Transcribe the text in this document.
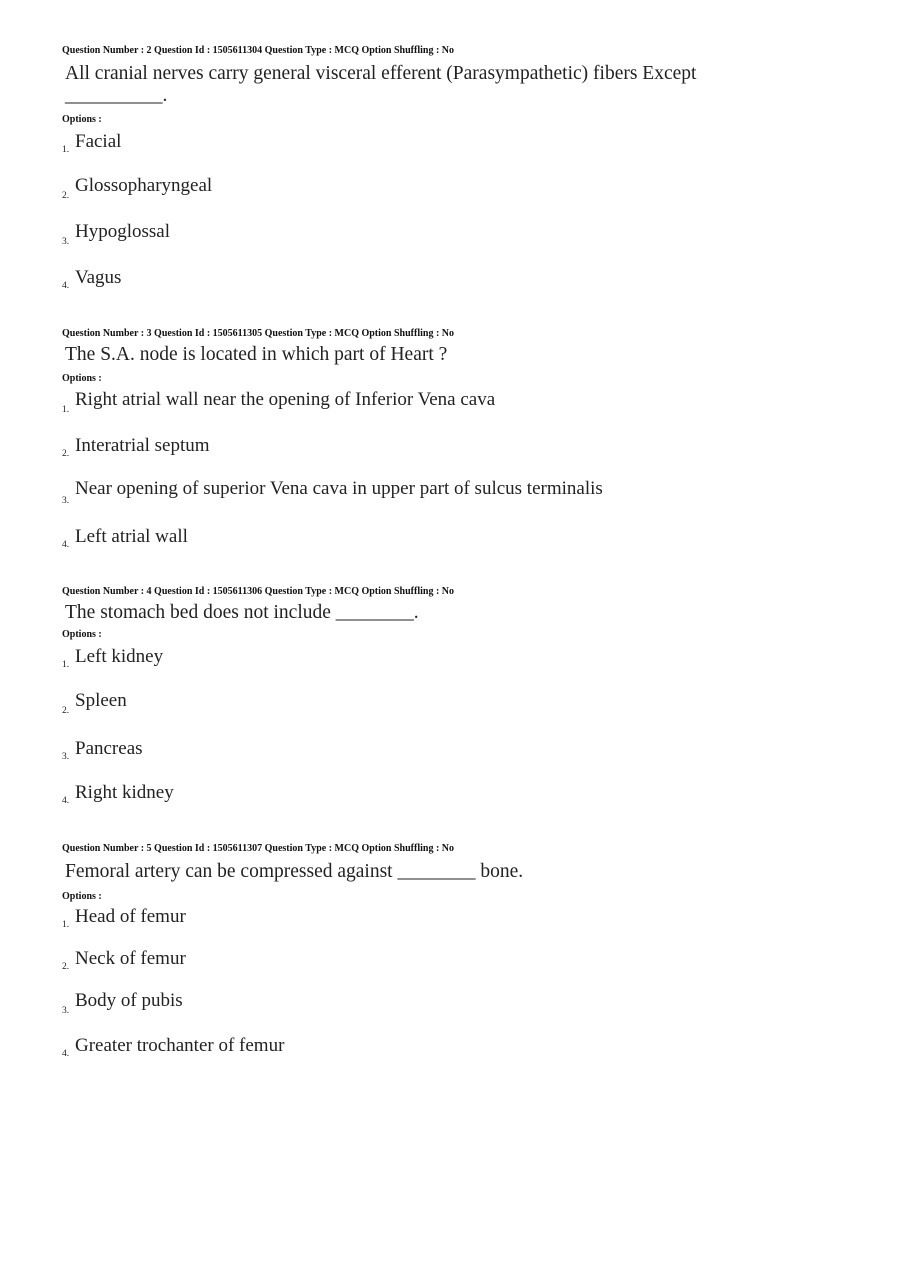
Question Number : 2 Question Id : 1505611304 Question Type : MCQ Option Shuffling : No
All cranial nerves carry general visceral efferent (Parasympathetic) fibers Except __________.
Options :
1. Facial
2. Glossopharyngeal
3. Hypoglossal
4. Vagus
Question Number : 3 Question Id : 1505611305 Question Type : MCQ Option Shuffling : No
The S.A. node is located in which part of Heart ?
Options :
1. Right atrial wall near the opening of Inferior Vena cava
2. Interatrial septum
3.
Near opening of superior Vena cava in upper part of sulcus terminalis
4. Left atrial wall
Question Number : 4 Question Id : 1505611306 Question Type : MCQ Option Shuffling : No
The stomach bed does not include ________.
Options :
1. Left kidney
2. Spleen
3. Pancreas
4. Right kidney
Question Number : 5 Question Id : 1505611307 Question Type : MCQ Option Shuffling : No
Femoral artery can be compressed against ________ bone.
Options :
1. Head of femur
2. Neck of femur
3. Body of pubis
4. Greater trochanter of femur
